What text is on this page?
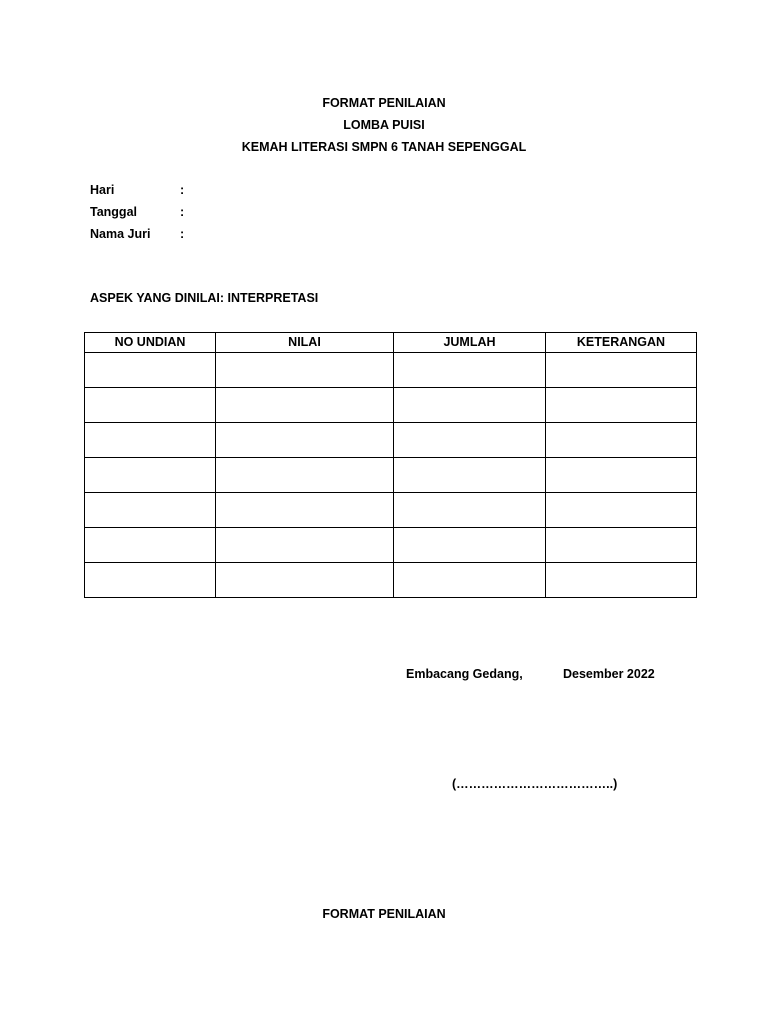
FORMAT PENILAIAN
LOMBA PUISI
KEMAH LITERASI SMPN 6 TANAH SEPENGGAL
Hari	:
Tanggal	:
Nama Juri	:
ASPEK YANG DINILAI: INTERPRETASI
NO UNDIAN	NILAI	JUMLAH	KETERANGAN

Embacang Gedang,	Desember 2022
(………………………………..)
FORMAT PENILAIAN
